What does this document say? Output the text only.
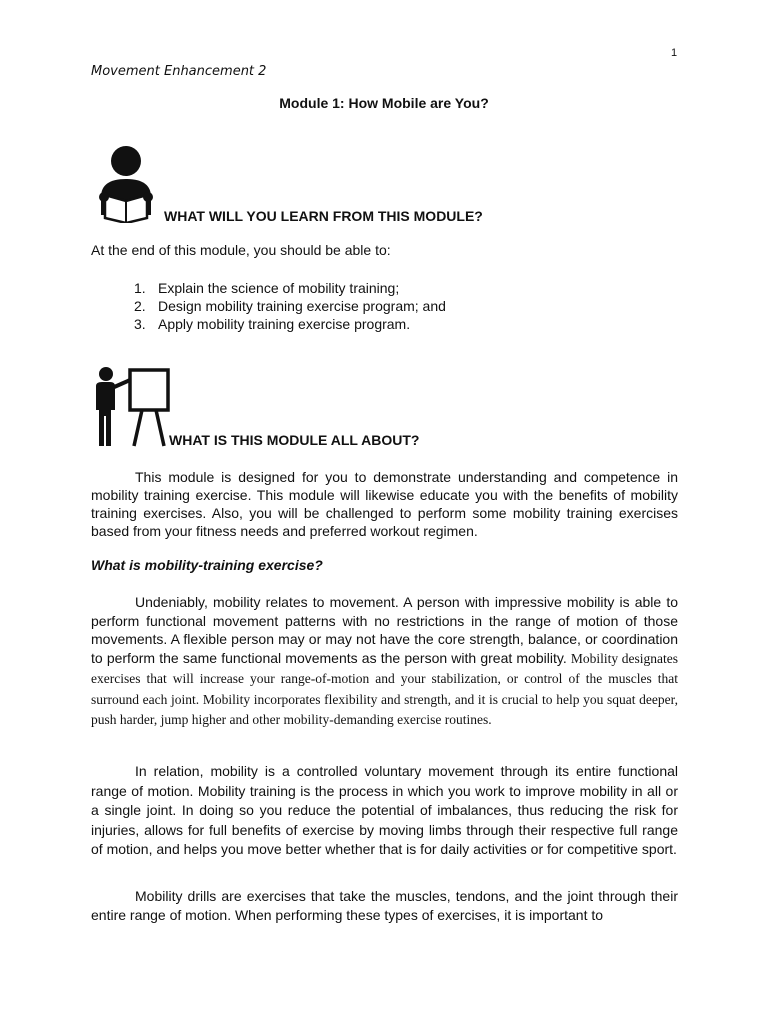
1
Movement Enhancement 2
Module 1: How Mobile are You?
WHAT WILL YOU LEARN FROM THIS MODULE?
At the end of this module, you should be able to:
1. Explain the science of mobility training;
2. Design mobility training exercise program; and
3. Apply mobility training exercise program.
WHAT IS THIS MODULE ALL ABOUT?

This module is designed for you to demonstrate understanding and competence in mobility training exercise. This module will likewise educate you with the benefits of mobility training exercises. Also, you will be challenged to perform some mobility training exercises based from your fitness needs and preferred workout regimen.

What is mobility-training exercise?

Undeniably, mobility relates to movement. A person with impressive mobility is able to perform functional movement patterns with no restrictions in the range of motion of those movements. A flexible person may or may not have the core strength, balance, or coordination to perform the same functional movements as the person with great mobility. Mobility designates exercises that will increase your range-of-motion and your stabilization, or control of the muscles that surround each joint. Mobility incorporates flexibility and strength, and it is crucial to help you squat deeper, push harder, jump higher and other mobility-demanding exercise routines.

In relation, mobility is a controlled voluntary movement through its entire functional range of motion. Mobility training is the process in which you work to improve mobility in all or a single joint. In doing so you reduce the potential of imbalances, thus reducing the risk for injuries, allows for full benefits of exercise by moving limbs through their respective full range of motion, and helps you move better whether that is for daily activities or for competitive sport.

Mobility drills are exercises that take the muscles, tendons, and the joint through their entire range of motion. When performing these types of exercises, it is important to
